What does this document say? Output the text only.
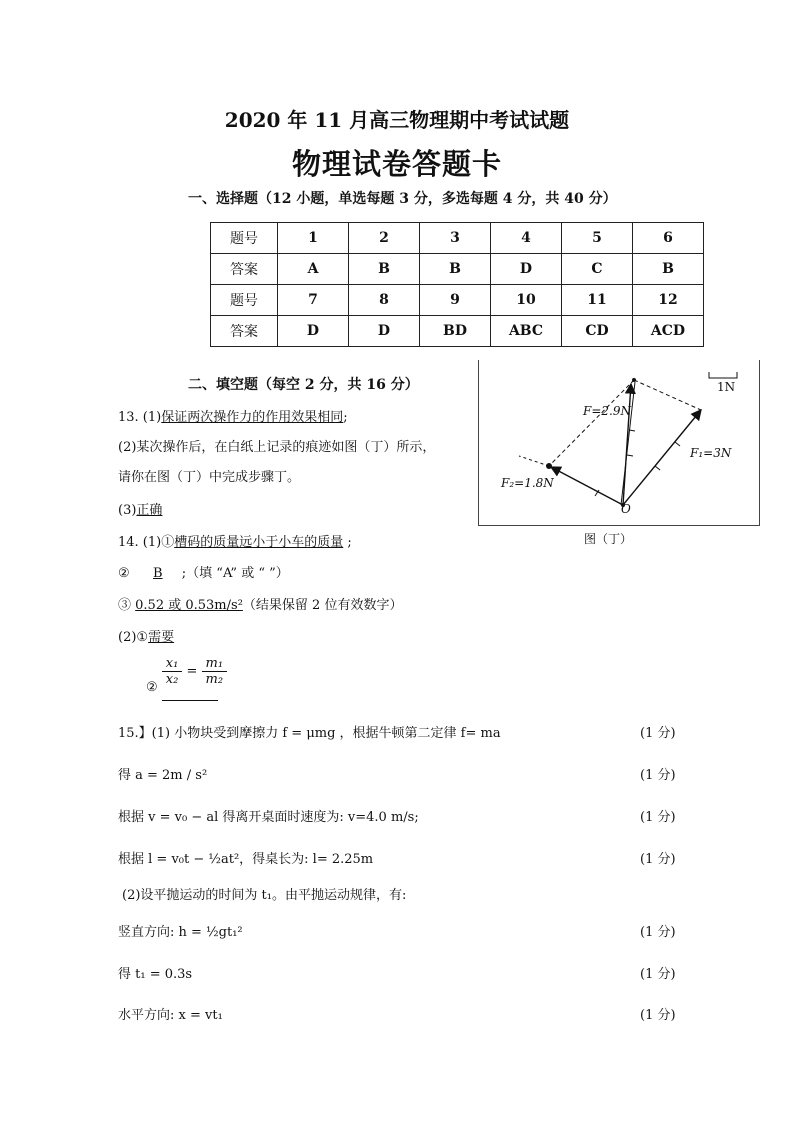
2020 年 11 月高三物理期中考试试题
物理试卷答题卡
一、选择题（12 小题，单选每题 3 分，多选每题 4 分，共 40 分）
题号	1	2	3	4	5	6
答案	A	B	B	D	C	B
题号	7	8	9	10	11	12
答案	D	D	BD	ABC	CD	ACD
二、填空题（每空 2 分，共 16 分）
13. (1)保证两次操作力的作用效果相同;
(2)某次操作后，在白纸上记录的痕迹如图（丁）所示，
请你在图（丁）中完成步骤丁。
(3)正确
1N
F=2.9N
F₁=3N
F₂=1.8N
O
图（丁）
14. (1)①槽码的质量远小于小车的质量 ;
② B ;（填 “A” 或 “ ”）
③ 0.52 或 0.53m/s²（结果保留 2 位有效数字）
(2)①需要
②
$\frac{\text{x₁}}{\text{x₂}} = \frac{\text{m₁}}{\text{m₂}}$
15.】(1) 小物块受到摩擦力 f = μmg ，根据牛顿第二定律 f= ma	(1 分)
得 a = 2m / s²	(1 分)
根据 v = v₀ − al 得离开桌面时速度为: v=4.0 m/s;	(1 分)
根据 l = v₀t − ½at²，得桌长为: l= 2.25m	(1 分)
(2)设平抛运动的时间为 t₁。由平抛运动规律，有:
竖直方向: h = ½gt₁²	(1 分)
得 t₁ = 0.3s	(1 分)
水平方向: x = vt₁	(1 分)
